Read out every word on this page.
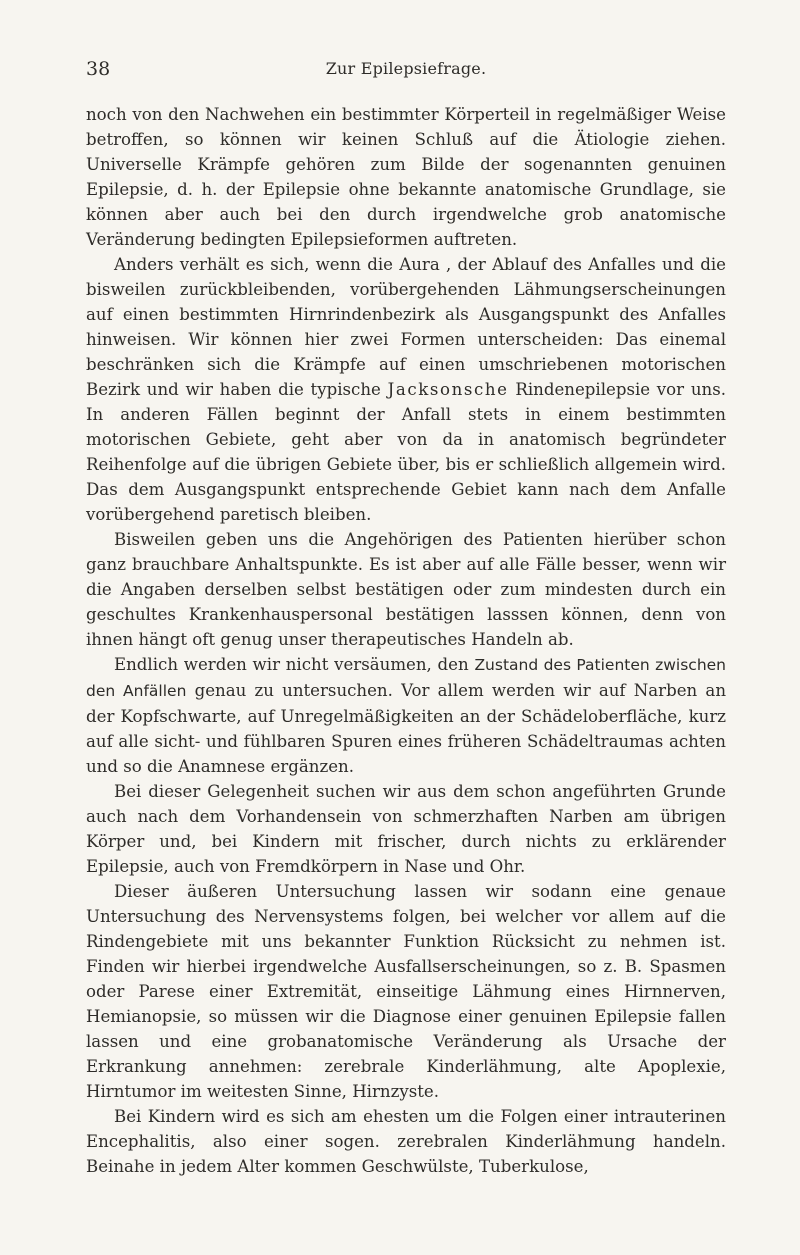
38	Zur Epilepsiefrage.

noch von den Nachwehen ein bestimmter Körperteil in regelmäßiger Weise betroffen, so können wir keinen Schluß auf die Ätiologie ziehen. Universelle Krämpfe gehören zum Bilde der sogenannten genuinen Epilepsie, d. h. der Epilepsie ohne bekannte anatomische Grundlage, sie können aber auch bei den durch irgendwelche grob anatomische Veränderung bedingten Epilepsieformen auftreten.

Anders verhält es sich, wenn die Aura , der Ablauf des Anfalles und die bisweilen zurückbleibenden, vorübergehenden Lähmungserscheinungen auf einen bestimmten Hirnrindenbezirk als Ausgangspunkt des Anfalles hinweisen. Wir können hier zwei Formen unterscheiden: Das einemal beschränken sich die Krämpfe auf einen umschriebenen motorischen Bezirk und wir haben die typische Jacksonsche Rindenepilepsie vor uns. In anderen Fällen beginnt der Anfall stets in einem bestimmten motorischen Gebiete, geht aber von da in anatomisch begründeter Reihenfolge auf die übrigen Gebiete über, bis er schließlich allgemein wird. Das dem Ausgangspunkt entsprechende Gebiet kann nach dem Anfalle vorübergehend paretisch bleiben.

Bisweilen geben uns die Angehörigen des Patienten hierüber schon ganz brauchbare Anhaltspunkte. Es ist aber auf alle Fälle besser, wenn wir die Angaben derselben selbst bestätigen oder zum mindesten durch ein geschultes Krankenhauspersonal bestätigen lasssen können, denn von ihnen hängt oft genug unser therapeutisches Handeln ab.

Endlich werden wir nicht versäumen, den Zustand des Patienten zwischen den Anfällen genau zu untersuchen. Vor allem werden wir auf Narben an der Kopfschwarte, auf Unregelmäßigkeiten an der Schädeloberfläche, kurz auf alle sicht- und fühlbaren Spuren eines früheren Schädeltraumas achten und so die Anamnese ergänzen.

Bei dieser Gelegenheit suchen wir aus dem schon angeführten Grunde auch nach dem Vorhandensein von schmerzhaften Narben am übrigen Körper und, bei Kindern mit frischer, durch nichts zu erklärender Epilepsie, auch von Fremdkörpern in Nase und Ohr.

Dieser äußeren Untersuchung lassen wir sodann eine genaue Untersuchung des Nervensystems folgen, bei welcher vor allem auf die Rindengebiete mit uns bekannter Funktion Rücksicht zu nehmen ist. Finden wir hierbei irgendwelche Ausfallserscheinungen, so z. B. Spasmen oder Parese einer Extremität, einseitige Lähmung eines Hirnnerven, Hemianopsie, so müssen wir die Diagnose einer genuinen Epilepsie fallen lassen und eine grobanatomische Veränderung als Ursache der Erkrankung annehmen: zerebrale Kinderlähmung, alte Apoplexie, Hirntumor im weitesten Sinne, Hirnzyste.

Bei Kindern wird es sich am ehesten um die Folgen einer intrauterinen Encephalitis, also einer sogen. zerebralen Kinderlähmung handeln. Beinahe in jedem Alter kommen Geschwülste, Tuberkulose,
